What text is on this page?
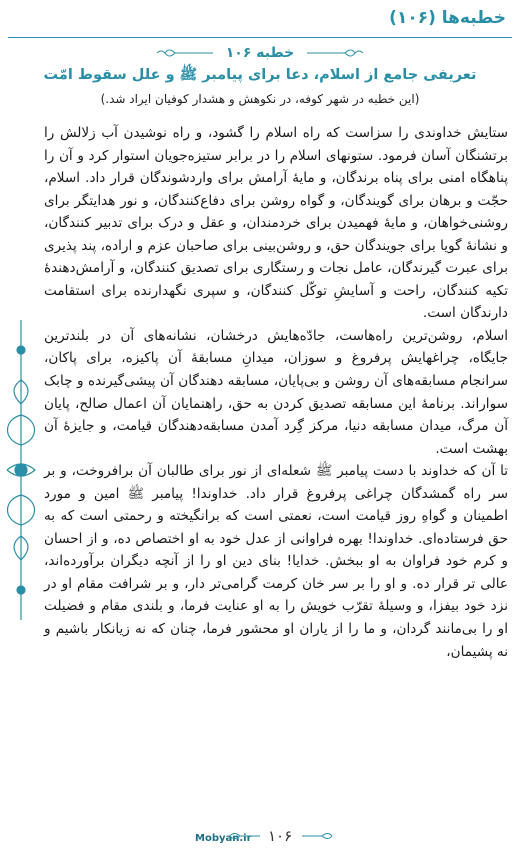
خطبه‌ها (۱۰۶)
خطبه ۱۰۶
تعریفی جامع از اسلام، دعا برای پیامبر ﷺ و علل سقوط امّت
(این خطبه در شهر کوفه، در نکوهش و هشدار کوفیان ایراد شد.)

ستایش خداوندی را سزاست که راه اسلام را گشود، و راه نوشیدن آب زلالش را برتشنگان آسان فرمود. ستونهای اسلام را در برابر ستیزه‌جویان استوار کرد و آن را پناهگاه امنی برای پناه برندگان، و مایۀ آرامش برای واردشوندگان قرار داد. اسلام، حجّت و برهان برای گویندگان، و گواه روشن برای دفاع‌کنندگان، و نور هدایتگر برای روشنی‌خواهان، و مایۀ فهمیدن برای خردمندان، و عقل و درک برای تدبیر کنندگان، و نشانۀ گویا برای جویندگان حق، و روشن‌بینی برای صاحبان عزم و اراده، پند پذیری برای عبرت گیرندگان، عامل نجات و رستگاری برای تصدیق کنندگان، و آرامش‌دهندۀ تکیه کنندگان، راحت و آسایشِ توکّل کنندگان، و سپری نگهدارنده برای استقامت دارندگان است.

اسلام، روشن‌ترین راه‌هاست، جادّه‌هایش درخشان، نشانه‌های آن در بلندترین جایگاه، چراغهایش پرفروغ و سوزان، میدانِ مسابقۀ آن پاکیزه، برای پاکان، سرانجام مسابقه‌های آن روشن و بی‌پایان، مسابقه دهندگان آن پیشی‌گیرنده و چابک سواراند. برنامۀ این مسابقه تصدیق کردن به حق، راهنمایان آن اعمال صالح، پایان آن مرگ، میدان مسابقه دنیا، مرکز گِرد آمدن مسابقه‌دهندگان قیامت، و جایزۀ آن بهشت است.

تا آن که خداوند با دست پیامبر ﷺ شعله‌ای از نور برای طالبان آن برافروخت، و بر سر راه گمشدگان چراغی پرفروغ قرار داد. خداوندا! پیامبر ﷺ امین و مورد اطمینان و گواهِ روز قیامت است، نعمتی است که برانگیخته و رحمتی است که به حق فرستاده‌ای. خداوندا! بهره فراوانی از عدل خود به او اختصاص ده، و از احسان و کرم خود فراوان به او ببخش. خدایا! بنای دین او را از آنچه دیگران برآورده‌اند، عالی تر قرار ده. و او را بر سر خان کرمت گرامی‌تر دار، و بر شرافت مقام او در نزد خود بیفزا، و وسیلۀ تقرّب خویش را به او عنایت فرما، و بلندی مقام و فضیلت او را بی‌مانند گردان، و ما را از یاران او محشور فرما، چنان که نه زیانکار باشیم و نه پشیمان،

Mobyan.ir ۱۰۶
